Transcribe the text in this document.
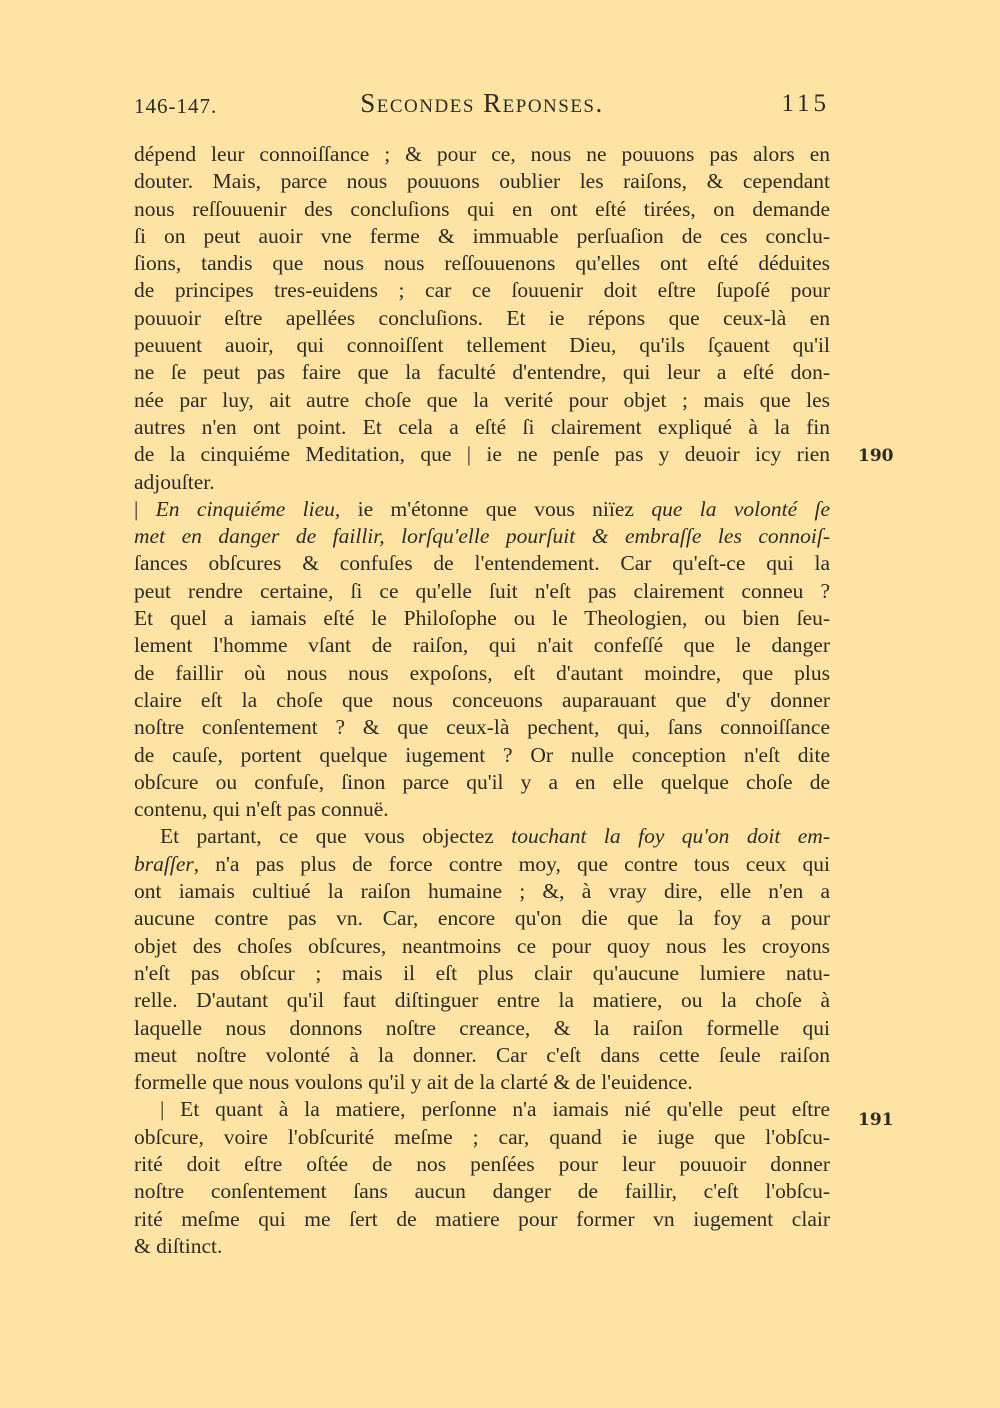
146-147.	Secondes Reponses.	115
190
191
dépend leur connoiſſance ; & pour ce, nous ne pouuons pas alors en
douter. Mais, parce nous pouuons oublier les raiſons, & cependant
nous reſſouuenir des concluſions qui en ont eſté tirées, on demande
ſi on peut auoir vne ferme & immuable perſuaſion de ces conclu-
ſions, tandis que nous nous reſſouuenons qu'elles ont eſté déduites
de principes tres-euidens ; car ce ſouuenir doit eſtre ſupoſé pour
pouuoir eſtre apellées concluſions. Et ie répons que ceux-là en
peuuent auoir, qui connoiſſent tellement Dieu, qu'ils ſçauent qu'il
ne ſe peut pas faire que la faculté d'entendre, qui leur a eſté don-
née par luy, ait autre choſe que la verité pour objet ; mais que les
autres n'en ont point. Et cela a eſté ſi clairement expliqué à la fin
de la cinquiéme Meditation, que | ie ne penſe pas y deuoir icy rien
adjouſter.
| En cinquiéme lieu, ie m'étonne que vous niïez que la volonté ſe
met en danger de faillir, lorſqu'elle pourſuit & embraſſe les connoiſ-
ſances obſcures & confuſes de l'entendement. Car qu'eſt-ce qui la
peut rendre certaine, ſi ce qu'elle ſuit n'eſt pas clairement conneu ?
Et quel a iamais eſté le Philoſophe ou le Theologien, ou bien ſeu-
lement l'homme vſant de raiſon, qui n'ait confeſſé que le danger
de faillir où nous nous expoſons, eſt d'autant moindre, que plus
claire eſt la choſe que nous conceuons auparauant que d'y donner
noſtre conſentement ? & que ceux-là pechent, qui, ſans connoiſſance
de cauſe, portent quelque iugement ? Or nulle conception n'eſt dite
obſcure ou confuſe, ſinon parce qu'il y a en elle quelque choſe de
contenu, qui n'eſt pas connuë.
Et partant, ce que vous objectez touchant la foy qu'on doit em-
braſſer, n'a pas plus de force contre moy, que contre tous ceux qui
ont iamais cultiué la raiſon humaine ; &, à vray dire, elle n'en a
aucune contre pas vn. Car, encore qu'on die que la foy a pour
objet des choſes obſcures, neantmoins ce pour quoy nous les croyons
n'eſt pas obſcur ; mais il eſt plus clair qu'aucune lumiere natu-
relle. D'autant qu'il faut diſtinguer entre la matiere, ou la choſe à
laquelle nous donnons noſtre creance, & la raiſon formelle qui
meut noſtre volonté à la donner. Car c'eſt dans cette ſeule raiſon
formelle que nous voulons qu'il y ait de la clarté & de l'euidence.
| Et quant à la matiere, perſonne n'a iamais nié qu'elle peut eſtre
obſcure, voire l'obſcurité meſme ; car, quand ie iuge que l'obſcu-
rité doit eſtre oſtée de nos penſées pour leur pouuoir donner
noſtre conſentement ſans aucun danger de faillir, c'eſt l'obſcu-
rité meſme qui me ſert de matiere pour former vn iugement clair
& diſtinct.
